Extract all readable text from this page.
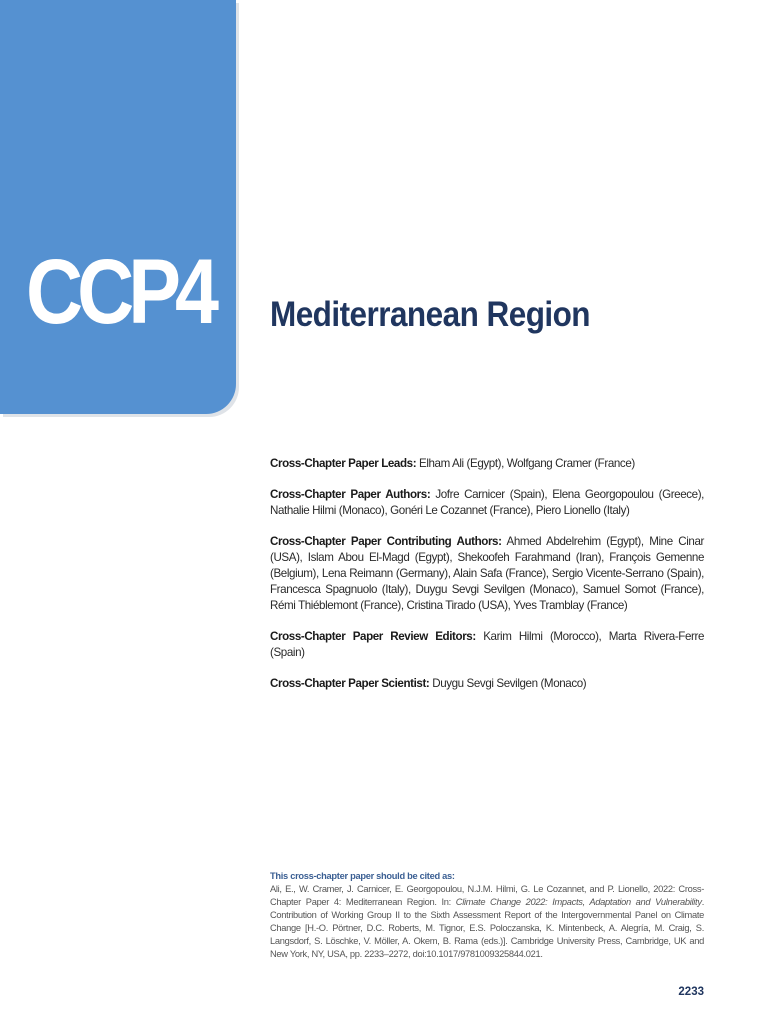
CCP4 Mediterranean Region

Cross-Chapter Paper Leads: Elham Ali (Egypt), Wolfgang Cramer (France)

Cross-Chapter Paper Authors: Jofre Carnicer (Spain), Elena Georgopoulou (Greece), Nathalie Hilmi (Monaco), Gonéri Le Cozannet (France), Piero Lionello (Italy)

Cross-Chapter Paper Contributing Authors: Ahmed Abdelrehim (Egypt), Mine Cinar (USA), Islam Abou El-Magd (Egypt), Shekoofeh Farahmand (Iran), François Gemenne (Belgium), Lena Reimann (Germany), Alain Safa (France), Sergio Vicente-Serrano (Spain), Francesca Spagnuolo (Italy), Duygu Sevgi Sevilgen (Monaco), Samuel Somot (France), Rémi Thiéblemont (France), Cristina Tirado (USA), Yves Tramblay (France)

Cross-Chapter Paper Review Editors: Karim Hilmi (Morocco), Marta Rivera-Ferre (Spain)

Cross-Chapter Paper Scientist: Duygu Sevgi Sevilgen (Monaco)

This cross-chapter paper should be cited as:
Ali, E., W. Cramer, J. Carnicer, E. Georgopoulou, N.J.M. Hilmi, G. Le Cozannet, and P. Lionello, 2022: Cross-Chapter Paper 4: Mediterranean Region. In: Climate Change 2022: Impacts, Adaptation and Vulnerability. Contribution of Working Group II to the Sixth Assessment Report of the Intergovernmental Panel on Climate Change [H.-O. Pörtner, D.C. Roberts, M. Tignor, E.S. Poloczanska, K. Mintenbeck, A. Alegría, M. Craig, S. Langsdorf, S. Löschke, V. Möller, A. Okem, B. Rama (eds.)]. Cambridge University Press, Cambridge, UK and New York, NY, USA, pp. 2233–2272, doi:10.1017/9781009325844.021.
2233
